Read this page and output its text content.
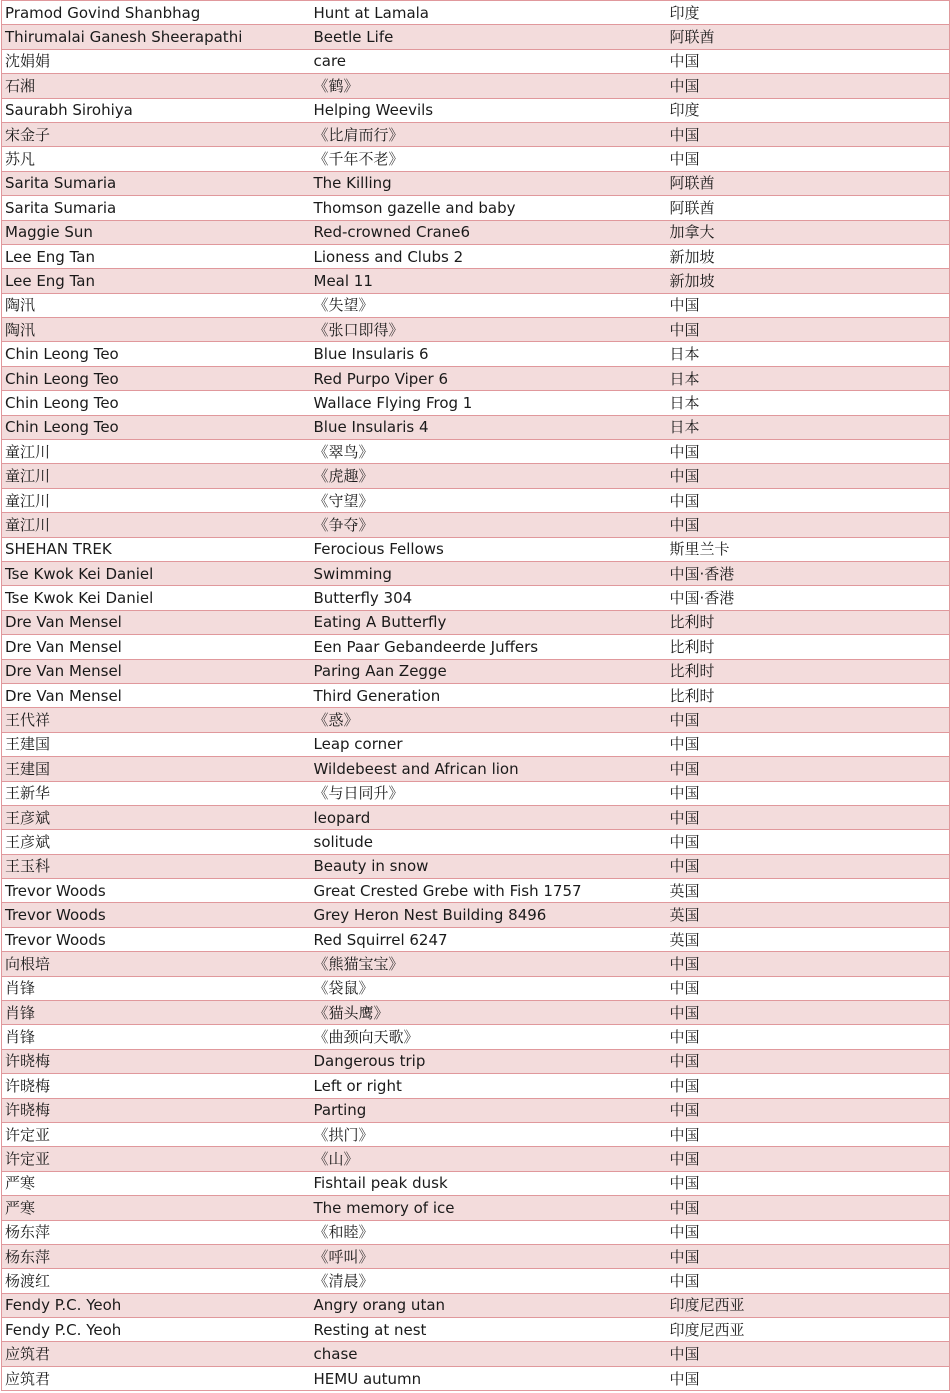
Pramod Govind Shanbhag	Hunt at Lamala	印度
Thirumalai Ganesh Sheerapathi	Beetle Life	阿联酋
沈娟娟	care	中国
石湘	《鹤》	中国
Saurabh Sirohiya	Helping Weevils	印度
宋金子	《比肩而行》	中国
苏凡	《千年不老》	中国
Sarita Sumaria	The Killing	阿联酋
Sarita Sumaria	Thomson gazelle and baby	阿联酋
Maggie Sun	Red-crowned Crane6	加拿大
Lee Eng Tan	Lioness and Clubs 2	新加坡
Lee Eng Tan	Meal 11	新加坡
陶汛	《失望》	中国
陶汛	《张口即得》	中国
Chin Leong Teo	Blue Insularis 6	日本
Chin Leong Teo	Red Purpo Viper 6	日本
Chin Leong Teo	Wallace Flying Frog 1	日本
Chin Leong Teo	Blue Insularis 4	日本
童江川	《翠鸟》	中国
童江川	《虎趣》	中国
童江川	《守望》	中国
童江川	《争夺》	中国
SHEHAN TREK	Ferocious Fellows	斯里兰卡
Tse Kwok Kei Daniel	Swimming	中国·香港
Tse Kwok Kei Daniel	Butterfly 304	中国·香港
Dre Van Mensel	Eating A Butterfly	比利时
Dre Van Mensel	Een Paar Gebandeerde Juffers	比利时
Dre Van Mensel	Paring Aan Zegge	比利时
Dre Van Mensel	Third Generation	比利时
王代祥	《惑》	中国
王建国	Leap corner	中国
王建国	Wildebeest and African lion	中国
王新华	《与日同升》	中国
王彦斌	leopard	中国
王彦斌	solitude	中国
王玉科	Beauty in snow	中国
Trevor Woods	Great Crested Grebe with Fish 1757	英国
Trevor Woods	Grey Heron Nest Building 8496	英国
Trevor Woods	Red Squirrel 6247	英国
向根培	《熊猫宝宝》	中国
肖锋	《袋鼠》	中国
肖锋	《猫头鹰》	中国
肖锋	《曲颈向天歌》	中国
许晓梅	Dangerous trip	中国
许晓梅	Left or right	中国
许晓梅	Parting	中国
许定亚	《拱门》	中国
许定亚	《山》	中国
严寒	Fishtail peak dusk	中国
严寒	The memory of ice	中国
杨东萍	《和睦》	中国
杨东萍	《呼叫》	中国
杨渡红	《清晨》	中国
Fendy P.C. Yeoh	Angry orang utan	印度尼西亚
Fendy P.C. Yeoh	Resting at nest	印度尼西亚
应筑君	chase	中国
应筑君	HEMU autumn	中国
